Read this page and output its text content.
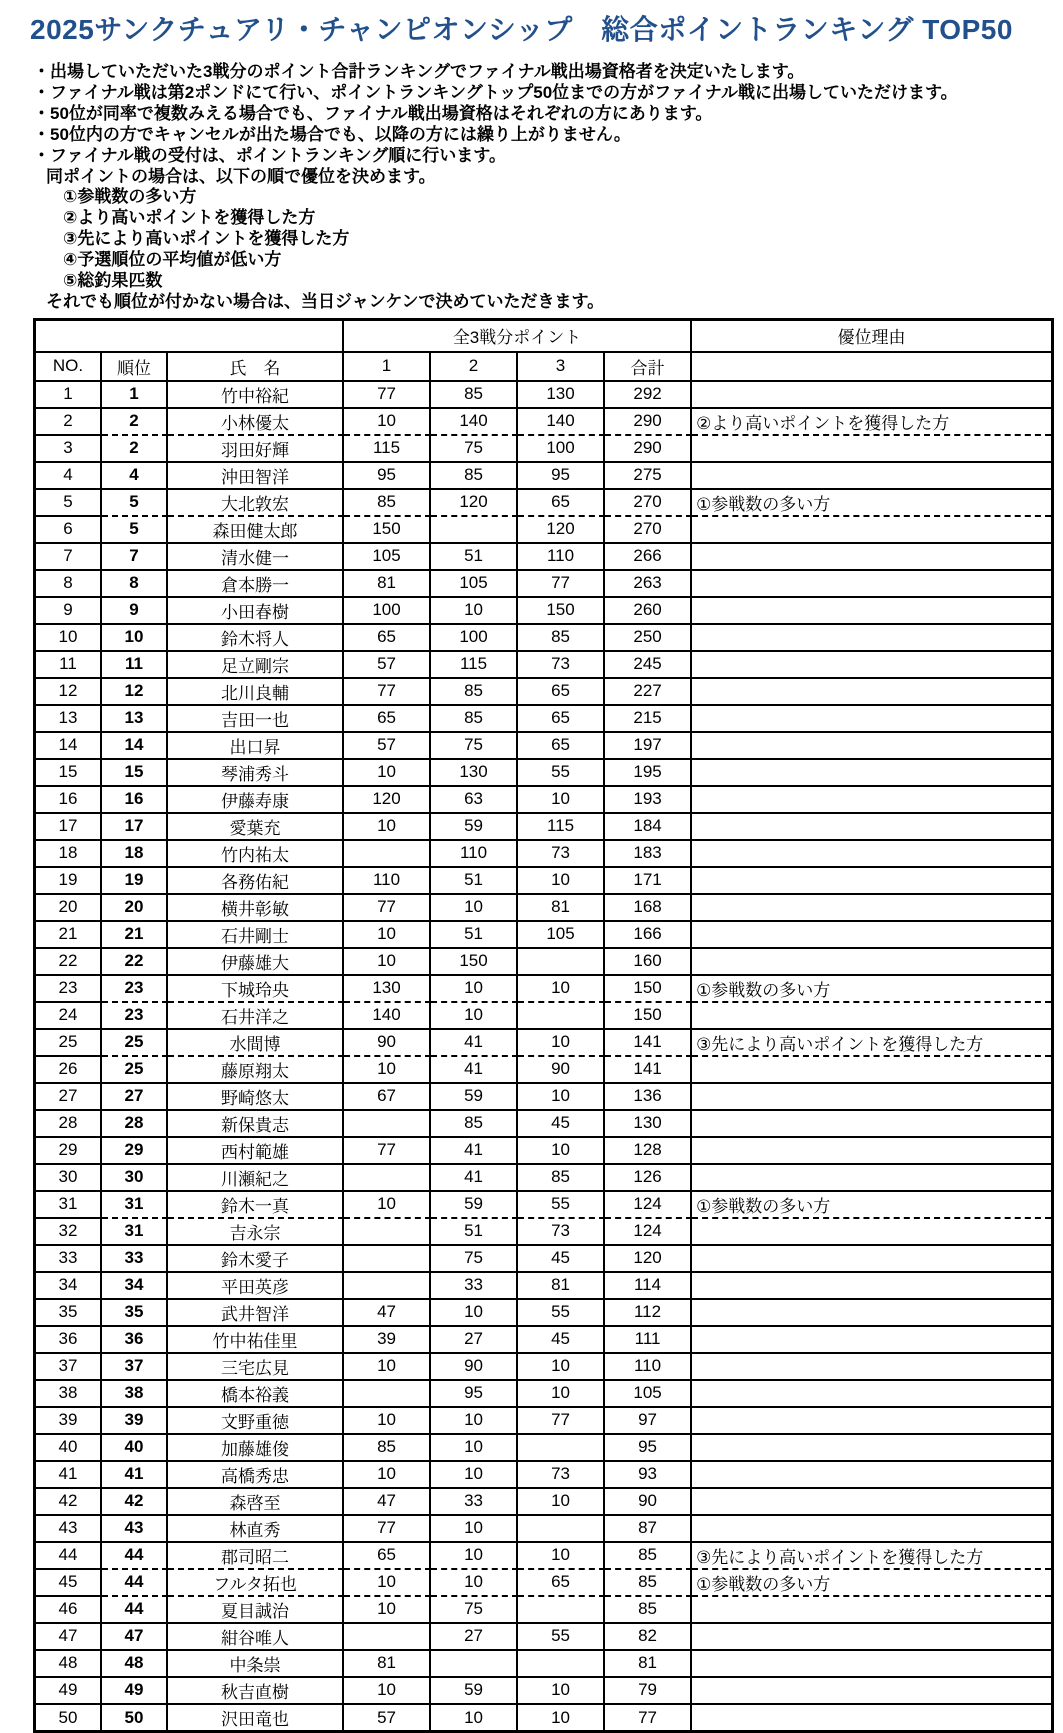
2025サンクチュアリ・チャンピオンシップ　総合ポイントランキング TOP50
・出場していただいた3戦分のポイント合計ランキングでファイナル戦出場資格者を決定いたします。
・ファイナル戦は第2ポンドにて行い、ポイントランキングトップ50位までの方がファイナル戦に出場していただけます。
・50位が同率で複数みえる場合でも、ファイナル戦出場資格はそれぞれの方にあります。
・50位内の方でキャンセルが出た場合でも、以降の方には繰り上がりません。
・ファイナル戦の受付は、ポイントランキング順に行います。
同ポイントの場合は、以下の順で優位を決めます。
①参戦数の多い方
②より高いポイントを獲得した方
③先により高いポイントを獲得した方
④予選順位の平均値が低い方
⑤総釣果匹数
それでも順位が付かない場合は、当日ジャンケンで決めていただきます。
			全3戦分ポイント				優位理由
NO.	順位	氏　名	1	2	3	合計	
1	1	竹中裕紀	77	85	130	292	
2	2	小林優太	10	140	140	290	②より高いポイントを獲得した方
3	2	羽田好輝	115	75	100	290	
4	4	沖田智洋	95	85	95	275	
5	5	大北敦宏	85	120	65	270	①参戦数の多い方
6	5	森田健太郎	150		120	270	
7	7	清水健一	105	51	110	266	
8	8	倉本勝一	81	105	77	263	
9	9	小田春樹	100	10	150	260	
10	10	鈴木将人	65	100	85	250	
11	11	足立剛宗	57	115	73	245	
12	12	北川良輔	77	85	65	227	
13	13	吉田一也	65	85	65	215	
14	14	出口昇	57	75	65	197	
15	15	琴浦秀斗	10	130	55	195	
16	16	伊藤寿康	120	63	10	193	
17	17	愛葉充	10	59	115	184	
18	18	竹内祐太		110	73	183	
19	19	各務佑紀	110	51	10	171	
20	20	横井彰敏	77	10	81	168	
21	21	石井剛士	10	51	105	166	
22	22	伊藤雄大	10	150		160	
23	23	下城玲央	130	10	10	150	①参戦数の多い方
24	23	石井洋之	140	10		150	
25	25	水間博	90	41	10	141	③先により高いポイントを獲得した方
26	25	藤原翔太	10	41	90	141	
27	27	野崎悠太	67	59	10	136	
28	28	新保貴志		85	45	130	
29	29	西村範雄	77	41	10	128	
30	30	川瀬紀之		41	85	126	
31	31	鈴木一真	10	59	55	124	①参戦数の多い方
32	31	吉永宗		51	73	124	
33	33	鈴木愛子		75	45	120	
34	34	平田英彦		33	81	114	
35	35	武井智洋	47	10	55	112	
36	36	竹中祐佳里	39	27	45	111	
37	37	三宅広見	10	90	10	110	
38	38	橋本裕義		95	10	105	
39	39	文野重徳	10	10	77	97	
40	40	加藤雄俊	85	10		95	
41	41	高橋秀忠	10	10	73	93	
42	42	森啓至	47	33	10	90	
43	43	林直秀	77	10		87	
44	44	郡司昭二	65	10	10	85	③先により高いポイントを獲得した方
45	44	フルタ拓也	10	10	65	85	①参戦数の多い方
46	44	夏目誠治	10	75		85	
47	47	紺谷唯人		27	55	82	
48	48	中条祟	81			81	
49	49	秋吉直樹	10	59	10	79	
50	50	沢田竜也	57	10	10	77	
